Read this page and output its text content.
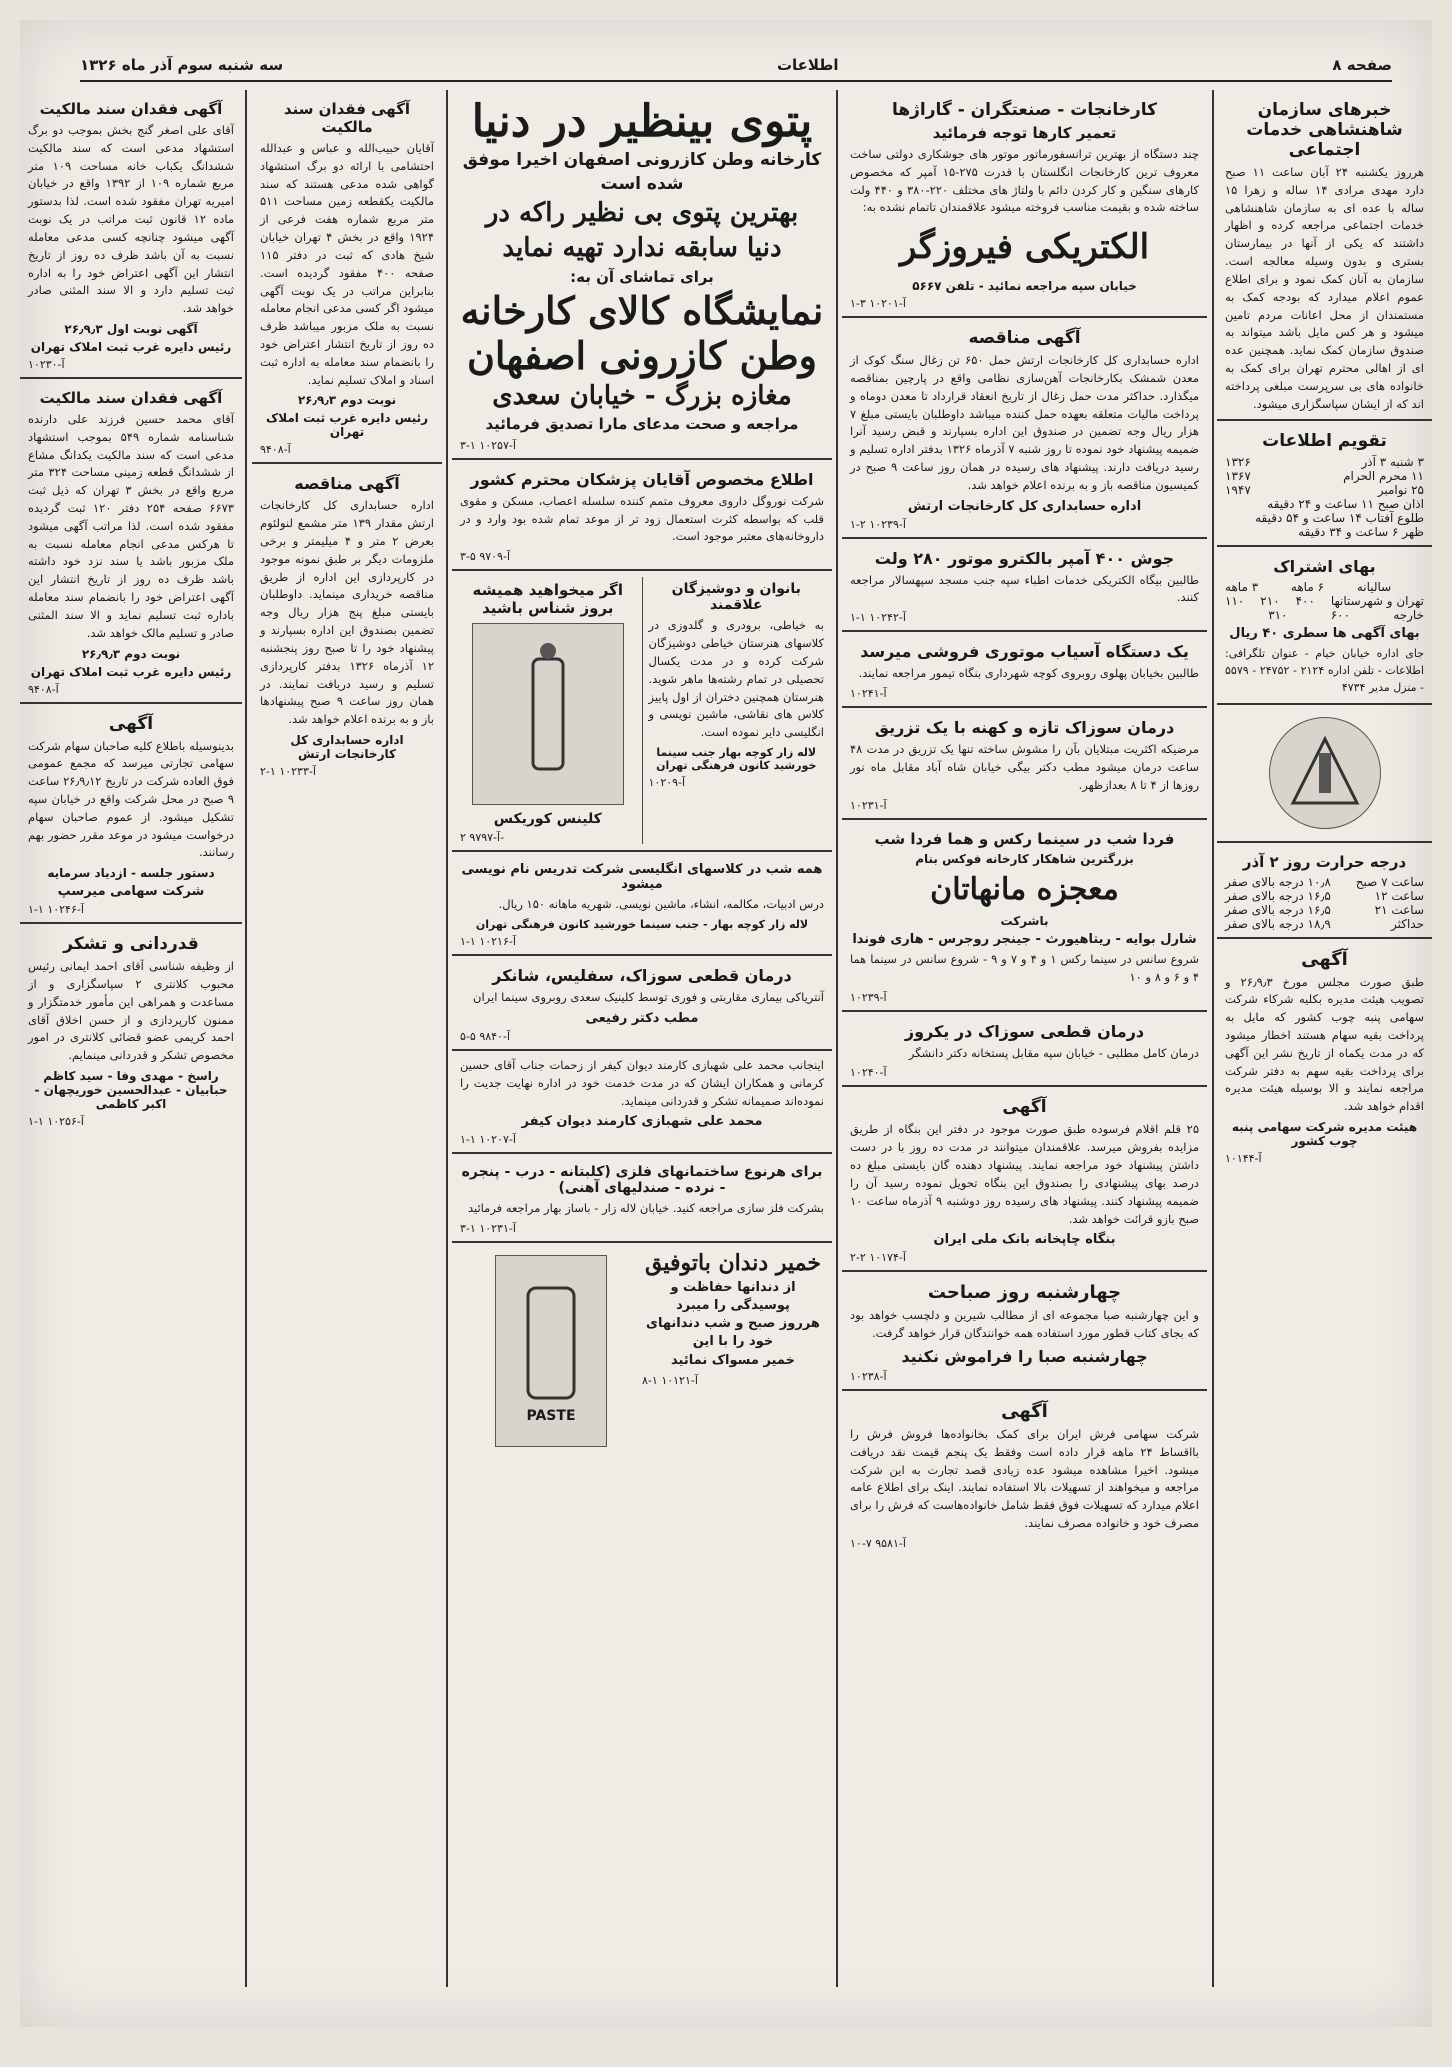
صفحه ۸
اطلاعات
سه شنبه سوم آذر ماه ۱۳۲۶
خبرهای سازمان شاهنشاهی خدمات اجتماعی
هرروز یکشنبه ۲۴ آبان ساعت ۱۱ صبح دارد مهدی مرادی ۱۴ ساله و زهرا ۱۵ ساله با عده ای به سازمان شاهنشاهی خدمات اجتماعی مراجعه کرده و اظهار داشتند که یکی از آنها در بیمارستان بستری و بدون وسیله معالجه است. سازمان به آنان کمک نمود و برای اطلاع عموم اعلام میدارد که بودجه کمک به مستمندان از محل اعانات مردم تامین میشود و هر کس مایل باشد میتواند به صندوق سازمان کمک نماید. همچنین عده ای از اهالی محترم تهران برای کمک به خانواده های بی سرپرست مبلغی پرداخته اند که از ایشان سپاسگزاری میشود.
تقویم اطلاعات
۳ شنبه ۳ آذر
۱۳۲۶
۱۱ محرم الحرام
۱۳۶۷
۲۵ نوامبر
۱۹۴۷
اذان صبح ۱۱ ساعت و ۲۴ دقیقه
طلوع آفتاب ۱۴ ساعت و ۵۴ دقیقه
ظهر ۶ ساعت و ۳۴ دقیقه
بهای اشتراک
سالیانه
۶ ماهه
۳ ماهه
تهران و شهرستانها
۴۰۰
۲۱۰
۱۱۰
خارجه
۶۰۰
۳۱۰
بهای آگهی ها سطری ۴۰ ریال
جای اداره خیابان خیام - عنوان تلگرافی: اطلاعات - تلفن اداره ۲۱۲۴ - ۲۴۷۵۲ - ۵۵۷۹ - منزل مدیر ۴۷۳۴
درجه حرارت روز ۲ آذر
ساعت ۷ صبح
۱۰٫۸ درجه بالای صفر
ساعت ۱۲
۱۶٫۵ درجه بالای صفر
ساعت ۲۱
۱۶٫۵ درجه بالای صفر
حداکثر
۱۸٫۹ درجه بالای صفر
آگهی
طبق صورت مجلس مورخ ۲۶٫۹٫۳ و تصویب هیئت مدیره بکلیه شرکاء شرکت سهامی پنبه چوب کشور که مایل به پرداخت بقیه سهام هستند اخطار میشود که در مدت یکماه از تاریخ نشر این آگهی برای پرداخت بقیه سهم به دفتر شرکت مراجعه نمایند و الا بوسیله هیئت مدیره اقدام خواهد شد.
هیئت مدیره شرکت سهامی پنبه چوب کشور
آ-۱۰۱۴۴
کارخانجات - صنعتگران - گاراژها
تعمیر کارها توجه فرمائید
چند دستگاه از بهترین ترانسفورماتور موتور های جوشکاری دولتی ساخت معروف ترین کارخانجات انگلستان با قدرت ۲۷۵-۱۵ آمپر که مخصوص کارهای سنگین و کار کردن دائم با ولتاژ های مختلف ۲۲۰-۳۸۰ و ۴۴۰ ولت ساخته شده و بقیمت مناسب فروخته میشود علاقمندان تاتمام نشده به:
الکتریکی فیروزگر
خیابان سپه مراجعه نمائید - تلفن ۵۶۶۷
آ-۱۰۲۰۱ ۳-۱
آگهی مناقصه
اداره حسابداری کل کارخانجات ارتش حمل ۶۵۰ تن زغال سنگ کوک از معدن شمشک بکارخانجات آهن‌سازی نظامی واقع در پارچین بمناقصه میگذارد. حداکثر مدت حمل زغال از تاریخ انعقاد قرارداد تا معدن دوماه و پرداخت مالیات متعلقه بعهده حمل کننده میباشد داوطلبان بایستی مبلغ ۷ هزار ریال وجه تضمین در صندوق این اداره بسپارند و قبض رسید آنرا ضمیمه پیشنهاد خود نموده تا روز شنبه ۷ آذرماه ۱۳۲۶ بدفتر اداره تسلیم و رسید دریافت دارند. پیشنهاد های رسیده در همان روز ساعت ۹ صبح در کمیسیون مناقصه باز و به برنده اعلام خواهد شد.
اداره حسابداری کل کارخانجات ارتش
آ-۱۰۲۳۹ ۲-۱
جوش ۴۰۰ آمپر بالکترو موتور ۲۸۰ ولت
طالبین بیگاه الکتریکی خدمات اطباء سپه جنب مسجد سپهسالار مراجعه کنند.
آ-۱۰۲۴۲ ۱-۱
یک دستگاه آسیاب موتوری فروشی میرسد
طالبین بخیابان پهلوی روبروی کوچه شهرداری بنگاه تیمور مراجعه نمایند.
آ-۱۰۲۴۱
درمان سوزاک تازه و کهنه با یک تزریق
مرضیکه اکثریت مبتلایان بآن را مشوش ساخته تنها یک تزریق در مدت ۴۸ ساعت درمان میشود مطب دکتر بیگی خیابان شاه آباد مقابل ماه نور روزها از ۴ تا ۸ بعدازظهر.
آ-۱۰۲۳۱
فردا شب در سینما رکس و هما فردا شب
بزرگترین شاهکار کارخانه فوکس بنام
معجزه مانهاتان
باشرکت
شارل بوایه - ریتاهیورث - جینجر روجرس - هاری فوندا
شروع سانس در سینما رکس ۱ و ۴ و ۷ و ۹ - شروع سانس در سینما هما ۴ و ۶ و ۸ و ۱۰
آ-۱۰۲۳۹
درمان قطعی سوزاک در یکروز
درمان کامل مطلبی - خیابان سپه مقابل پستخانه دکتر دانشگر
آ-۱۰۲۴۰
آگهی
۲۵ قلم اقلام فرسوده طبق صورت موجود در دفتر این بنگاه از طریق مزایده بفروش میرسد. علاقمندان میتوانند در مدت ده روز با در دست داشتن پیشنهاد خود مراجعه نمایند. پیشنهاد دهنده گان بایستی مبلغ ده درصد بهای پیشنهادی را بصندوق این بنگاه تحویل نموده رسید آن را ضمیمه پیشنهاد کنند. پیشنهاد های رسیده روز دوشنبه ۹ آذرماه ساعت ۱۰ صبح بازو قرائت خواهد شد.
بنگاه چاپخانه بانک ملی ایران
آ-۱۰۱۷۴ ۲-۲
چهارشنبه روز صباحت
و این چهارشنبه صبا مجموعه ای از مطالب شیرین و دلچسب خواهد بود که بجای کتاب قطور مورد استفاده همه خوانندگان قرار خواهد گرفت.
چهارشنبه صبا را فراموش نکنید
آ-۱۰۲۳۸
آگهی
شرکت سهامی فرش ایران برای کمک بخانواده‌ها فروش فرش را بااقساط ۲۴ ماهه قرار داده است وفقط یک پنجم قیمت نقد دریافت میشود. اخیرا مشاهده میشود عده زیادی قصد تجارت به این شرکت مراجعه و میخواهند از تسهیلات بالا استفاده نمایند. اینک برای اطلاع عامه اعلام میدارد که تسهیلات فوق فقط شامل خانواده‌هاست که فرش را برای مصرف خود و خانواده مصرف نمایند.
آ-۹۵۸۱ ۷-۱۰
پتوی بینظیر در دنیا
کارخانه وطن کازرونی اصفهان اخیرا موفق شده است
بهترین پتوی بی نظیر راکه در
دنیا سابقه ندارد تهیه نماید
برای تماشای آن به:
نمایشگاه کالای کارخانه
وطن کازرونی اصفهان
مغازه بزرگ - خیابان سعدی
مراجعه و صحت مدعای مارا تصدیق فرمائید
آ-۱۰۲۵۷ ۱-۳
اطلاع مخصوص آقایان پزشکان محترم کشور
شرکت نوروگل داروی معروف متمم کننده سلسله اعصاب، مسکن و مقوی قلب که بواسطه کثرت استعمال زود تر از موعد تمام شده بود وارد و در داروخانه‌های معتبر موجود است.
آ-۹۷۰۹ ۵-۳
بانوان و دوشیزگان علاقمند
به خیاطی، برودری و گلدوزی در کلاسهای هنرستان خیاطی دوشیزگان شرکت کرده و در مدت یکسال تحصیلی در تمام رشته‌ها ماهر شوید. هنرستان همچنین دختران از اول پاییز کلاس های نقاشی، ماشین نویسی و انگلیسی دایر نموده است.
لاله زار کوچه بهار جنب سینما خورشید کانون فرهنگی تهران
آ-۱۰۲۰۹
اگر میخواهید همیشه بروز شناس باشید
کلینس کوریکس
آ-۹۷۹۷ ۲-
همه شب در کلاسهای انگلیسی شرکت تدریس نام نویسی میشود
درس ادبیات، مکالمه، انشاء، ماشین نویسی. شهریه ماهانه ۱۵۰ ریال.
لاله زار کوچه بهار - جنب سینما خورشید کانون فرهنگی تهران
آ-۱۰۲۱۶ ۱-۱
درمان قطعی سوزاک، سفلیس، شانکر
آنتریاکی بیماری مقاربتی و فوری توسط کلینیک سعدی روبروی سینما ایران
مطب دکتر رفیعی
آ-۹۸۴۰ ۵-۵
اینجانب محمد علی شهبازی کارمند دیوان کیفر از زحمات جناب آقای حسین کرمانی و همکاران ایشان که در مدت خدمت خود در اداره نهایت جدیت را نموده‌اند صمیمانه تشکر و قدردانی مینماید.
محمد علی شهبازی کارمند دیوان کیفر
آ-۱۰۲۰۷ ۱-۱
برای هرنوع ساختمانهای فلزی (کلبتانه - درب - پنجره - نرده - صندلیهای آهنی)
بشرکت فلز سازی مراجعه کنید. خیابان لاله زار - باساز بهار مراجعه فرمائید
آ-۱۰۲۳۱ ۱-۳
خمیر دندان باتوفیق
از دندانها حفاظت و پوسیدگی را میبرد
هرروز صبح و شب دندانهای خود را با این
خمیر مسواک نمائید
آ-۱۰۱۲۱ ۱-۸
PASTE
آگهی فقدان سند مالکیت
آقایان حبیب‌الله و عباس و عبدالله احتشامی با ارائه دو برگ استشهاد گواهی شده مدعی هستند که سند مالکیت یکقطعه زمین مساحت ۵۱۱ متر مربع شماره هفت فرعی از ۱۹۲۴ واقع در بخش ۴ تهران خیابان شیخ هادی که ثبت در دفتر ۱۱۵ صفحه ۴۰۰ مفقود گردیده است. بنابراین مراتب در یک نوبت آگهی میشود اگر کسی مدعی انجام معامله نسبت به ملک مزبور میباشد ظرف ده روز از تاریخ انتشار اعتراض خود را بانضمام سند معامله به اداره ثبت اسناد و املاک تسلیم نماید.
نوبت دوم ۲۶٫۹٫۳
رئیس دایره غرب ثبت املاک تهران
آ-۹۴۰۸
آگهی مناقصه
اداره حسابداری کل کارخانجات ارتش مقدار ۱۳۹ متر مشمع لنولئوم بعرض ۲ متر و ۴ میلیمتر و برخی ملزومات دیگر بر طبق نمونه موجود در کارپردازی این اداره از طریق مناقصه خریداری مینماید. داوطلبان بایستی مبلغ پنج هزار ریال وجه تضمین بصندوق این اداره بسپارند و پیشنهاد خود را تا صبح روز پنجشنبه ۱۲ آذرماه ۱۳۲۶ بدفتر کارپردازی تسلیم و رسید دریافت نمایند. در همان روز ساعت ۹ صبح پیشنهادها باز و به برنده اعلام خواهد شد.
اداره حسابداری کل کارخانجات ارتش
آ-۱۰۲۳۳ ۱-۲
آگهی فقدان سند مالکیت
آقای علی اصغر گنج بخش بموجب دو برگ استشهاد مدعی است که سند مالکیت ششدانگ یکباب خانه مساحت ۱۰۹ متر مربع شماره ۱۰۹ از ۱۳۹۲ واقع در خیابان امیریه تهران مفقود شده است. لذا بدستور ماده ۱۲ قانون ثبت مراتب در یک نوبت آگهی میشود چنانچه کسی مدعی معامله نسبت به آن باشد ظرف ده روز از تاریخ انتشار این آگهی اعتراض خود را به اداره ثبت تسلیم دارد و الا سند المثنی صادر خواهد شد.
آگهی نوبت اول ۲۶٫۹٫۳
رئیس دایره غرب ثبت املاک تهران
آ-۱۰۲۳۰
آگهی فقدان سند مالکیت
آقای محمد حسین فرزند علی دارنده شناسنامه شماره ۵۴۹ بموجب استشهاد مدعی است که سند مالکیت یکدانگ مشاع از ششدانگ قطعه زمینی مساحت ۳۲۴ متر مربع واقع در بخش ۳ تهران که ذیل ثبت ۶۶۷۳ صفحه ۲۵۴ دفتر ۱۲۰ ثبت گردیده مفقود شده است. لذا مراتب آگهی میشود تا هرکس مدعی انجام معامله نسبت به ملک مزبور باشد یا سند نزد خود داشته باشد ظرف ده روز از تاریخ انتشار این آگهی اعتراض خود را بانضمام سند معامله باداره ثبت تسلیم نماید و الا سند المثنی صادر و تسلیم مالک خواهد شد.
نوبت دوم ۲۶٫۹٫۳
رئیس دایره غرب ثبت املاک تهران
آ-۹۴۰۸
آگهی
بدینوسیله باطلاع کلیه صاحبان سهام شرکت سهامی تجارتی میرسد که مجمع عمومی فوق العاده شرکت در تاریخ ۲۶٫۹٫۱۲ ساعت ۹ صبح در محل شرکت واقع در خیابان سپه تشکیل میشود. از عموم صاحبان سهام درخواست میشود در موعد مقرر حضور بهم رسانند.
دستور جلسه - ازدیاد سرمایه
شرکت سهامی میرسپ
آ-۱۰۲۴۶ ۱-۱
قدردانی و تشکر
از وظیفه شناسی آقای احمد ایمانی رئیس محبوب کلانتری ۲ سپاسگزاری و از مساعدت و همراهی این مأمور خدمتگزار و ممنون کارپردازی و از حسن اخلاق آقای احمد کریمی عضو قضائی کلانتری در امور مخصوص تشکر و قدردانی مینمایم.
راسخ - مهدی وفا - سید کاظم حبابیان - عبدالحسین خوریچهان - اکبر کاظمی
آ-۱۰۲۵۶ ۱-۱
